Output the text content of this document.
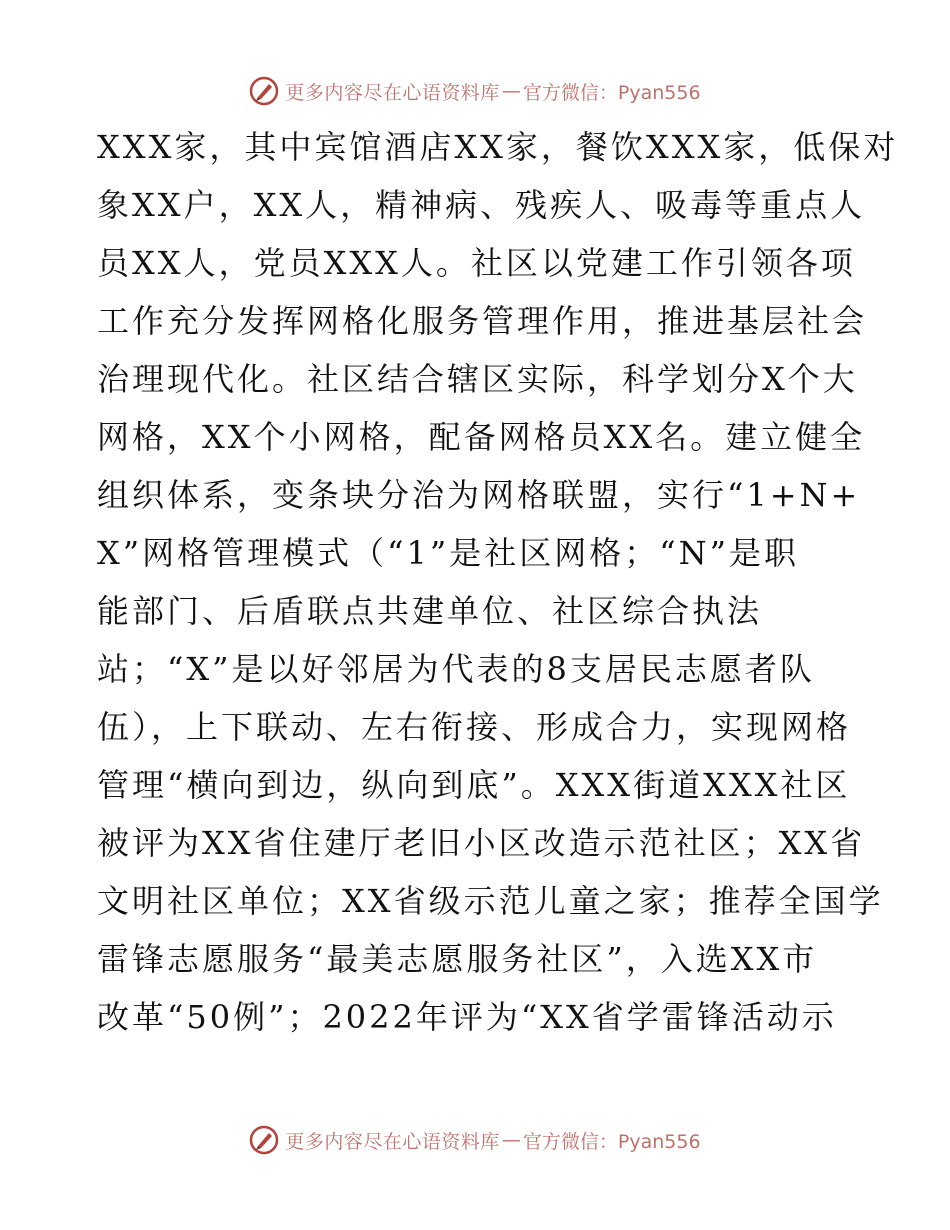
更多内容尽在心语资料库 — 官方微信：Pyan556
XXX家，其中宾馆酒店XX家，餐饮XXX家，低保对
象XX户，XX人，精神病、残疾人、吸毒等重点人
员XX人，党员XXX人。社区以党建工作引领各项
工作充分发挥网格化服务管理作用，推进基层社会
治理现代化。社区结合辖区实际，科学划分X个大
网格，XX个小网格，配备网格员XX名。建立健全
组织体系，变条块分治为网格联盟，实行“1+N+
X”网格管理模式（“1”是社区网格；“N”是职
能部门、后盾联点共建单位、社区综合执法
站；“X”是以好邻居为代表的8支居民志愿者队
伍），上下联动、左右衔接、形成合力，实现网格
管理“横向到边，纵向到底”。XXX街道XXX社区
被评为XX省住建厅老旧小区改造示范社区；XX省
文明社区单位；XX省级示范儿童之家；推荐全国学
雷锋志愿服务“最美志愿服务社区”，入选XX市
改革“50例”；2022年评为“XX省学雷锋活动示
更多内容尽在心语资料库 — 官方微信：Pyan556
